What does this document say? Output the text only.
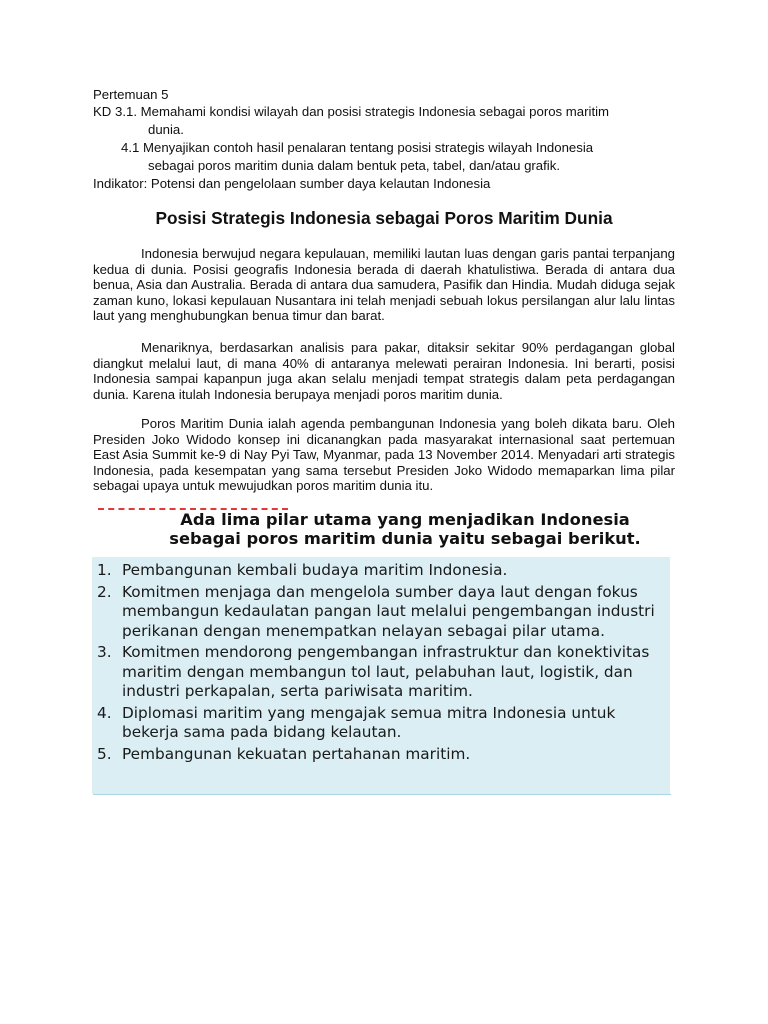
Pertemuan 5
KD 3.1. Memahami kondisi wilayah dan posisi strategis Indonesia sebagai poros maritim
dunia.
4.1 Menyajikan contoh hasil penalaran tentang posisi strategis wilayah Indonesia
sebagai poros maritim dunia dalam bentuk peta, tabel, dan/atau grafik.
Indikator: Potensi dan pengelolaan sumber daya kelautan Indonesia
Posisi Strategis Indonesia sebagai Poros Maritim Dunia

Indonesia berwujud negara kepulauan, memiliki lautan luas dengan garis pantai terpanjang kedua di dunia. Posisi geografis Indonesia berada di daerah khatulistiwa. Berada di antara dua benua, Asia dan Australia. Berada di antara dua samudera, Pasifik dan Hindia. Mudah diduga sejak zaman kuno, lokasi kepulauan Nusantara ini telah menjadi sebuah lokus persilangan alur lalu lintas laut yang menghubungkan benua timur dan barat.

Menariknya, berdasarkan analisis para pakar, ditaksir sekitar 90% perdagangan global diangkut melalui laut, di mana 40% di antaranya melewati perairan Indonesia. Ini berarti, posisi Indonesia sampai kapanpun juga akan selalu menjadi tempat strategis dalam peta perdagangan dunia. Karena itulah Indonesia berupaya menjadi poros maritim dunia.

Poros Maritim Dunia ialah agenda pembangunan Indonesia yang boleh dikata baru. Oleh Presiden Joko Widodo konsep ini dicanangkan pada masyarakat internasional saat pertemuan East Asia Summit ke-9 di Nay Pyi Taw, Myanmar, pada 13 November 2014. Menyadari arti strategis Indonesia, pada kesempatan yang sama tersebut Presiden Joko Widodo memaparkan lima pilar sebagai upaya untuk mewujudkan poros maritim dunia itu.

Ada lima pilar utama yang menjadikan Indonesia
sebagai poros maritim dunia yaitu sebagai berikut.
1. Pembangunan kembali budaya maritim Indonesia.
2. Komitmen menjaga dan mengelola sumber daya laut dengan fokus membangun kedaulatan pangan laut melalui pengembangan industri perikanan dengan menempatkan nelayan sebagai pilar utama.
3. Komitmen mendorong pengembangan infrastruktur dan konektivitas maritim dengan membangun tol laut, pelabuhan laut, logistik, dan industri perkapalan, serta pariwisata maritim.
4. Diplomasi maritim yang mengajak semua mitra Indonesia untuk bekerja sama pada bidang kelautan.
5. Pembangunan kekuatan pertahanan maritim.
